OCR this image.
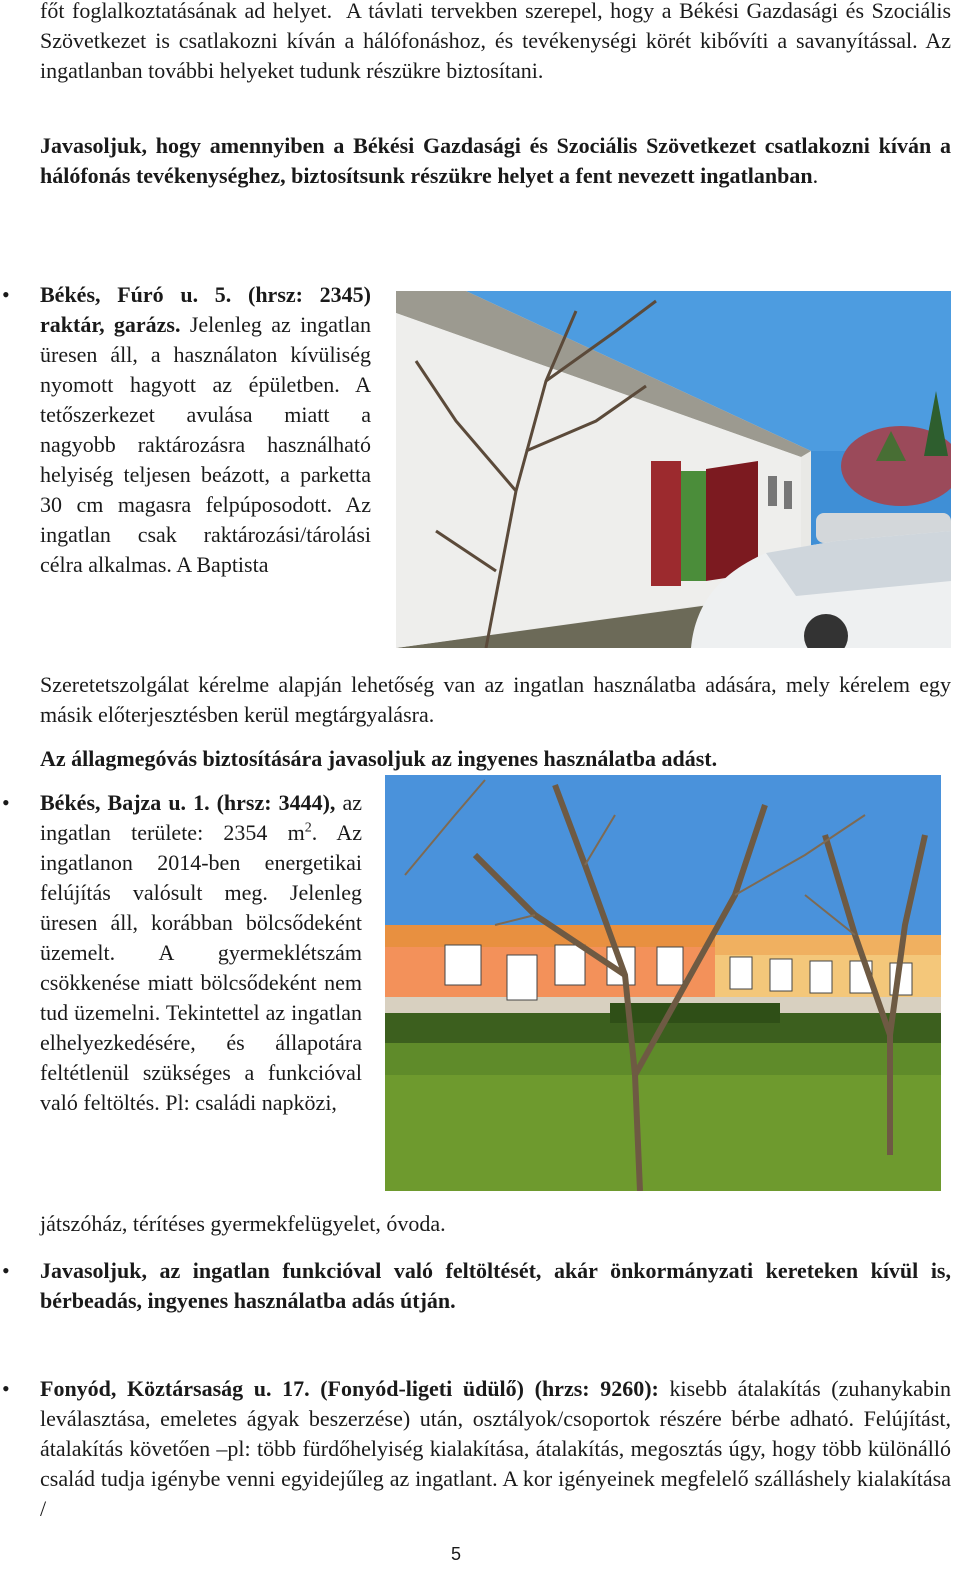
főt foglalkoztatásának ad helyet. A távlati tervekben szerepel, hogy a Békési Gazdasági és Szociális Szövetkezet is csatlakozni kíván a hálófonáshoz, és tevékenységi körét kibővíti a savanyítással. Az ingatlanban további helyeket tudunk részükre biztosítani.

Javasoljuk, hogy amennyiben a Békési Gazdasági és Szociális Szövetkezet csatlakozni kíván a hálófonás tevékenységhez, biztosítsunk részükre helyet a fent nevezett ingatlanban.

• Békés, Fúró u. 5. (hrsz: 2345) raktár, garázs. Jelenleg az ingatlan üresen áll, a használaton kívüliség nyomott hagyott az épületben. A tetőszerkezet avulása miatt a nagyobb raktározásra használható helyiség teljesen beázott, a parketta 30 cm magasra felpúposodott. Az ingatlan csak raktározási/tárolási célra alkalmas. A Baptista

Szeretetszolgálat kérelme alapján lehetőség van az ingatlan használatba adására, mely kérelem egy másik előterjesztésben kerül megtárgyalásra.

Az állagmegóvás biztosítására javasoljuk az ingyenes használatba adást.

• Békés, Bajza u. 1. (hrsz: 3444), az ingatlan területe: 2354 $m^2$. Az ingatlanon 2014-ben energetikai felújítás valósult meg. Jelenleg üresen áll, korábban bölcsődeként üzemelt. A gyermeklétszám csökkenése miatt bölcsődeként nem tud üzemelni. Tekintettel az ingatlan elhelyezkedésére, és állapotára feltétlenül szükséges a funkcióval való feltöltés. Pl: családi napközi,

játszóház, térítéses gyermekfelügyelet, óvoda.

• Javasoljuk, az ingatlan funkcióval való feltöltését, akár önkormányzati kereteken kívül is, bérbeadás, ingyenes használatba adás útján.

• Fonyód, Köztársaság u. 17. (Fonyód-ligeti üdülő) (hrzs: 9260): kisebb átalakítás (zuhanykabin leválasztása, emeletes ágyak beszerzése) után, osztályok/csoportok részére bérbe adható. Felújítást, átalakítás követően –pl: több fürdőhelyiség kialakítása, átalakítás, megosztás úgy, hogy több különálló család tudja igénybe venni egyidejűleg az ingatlant. A kor igényeinek megfelelő szálláshely kialakítása /

5
